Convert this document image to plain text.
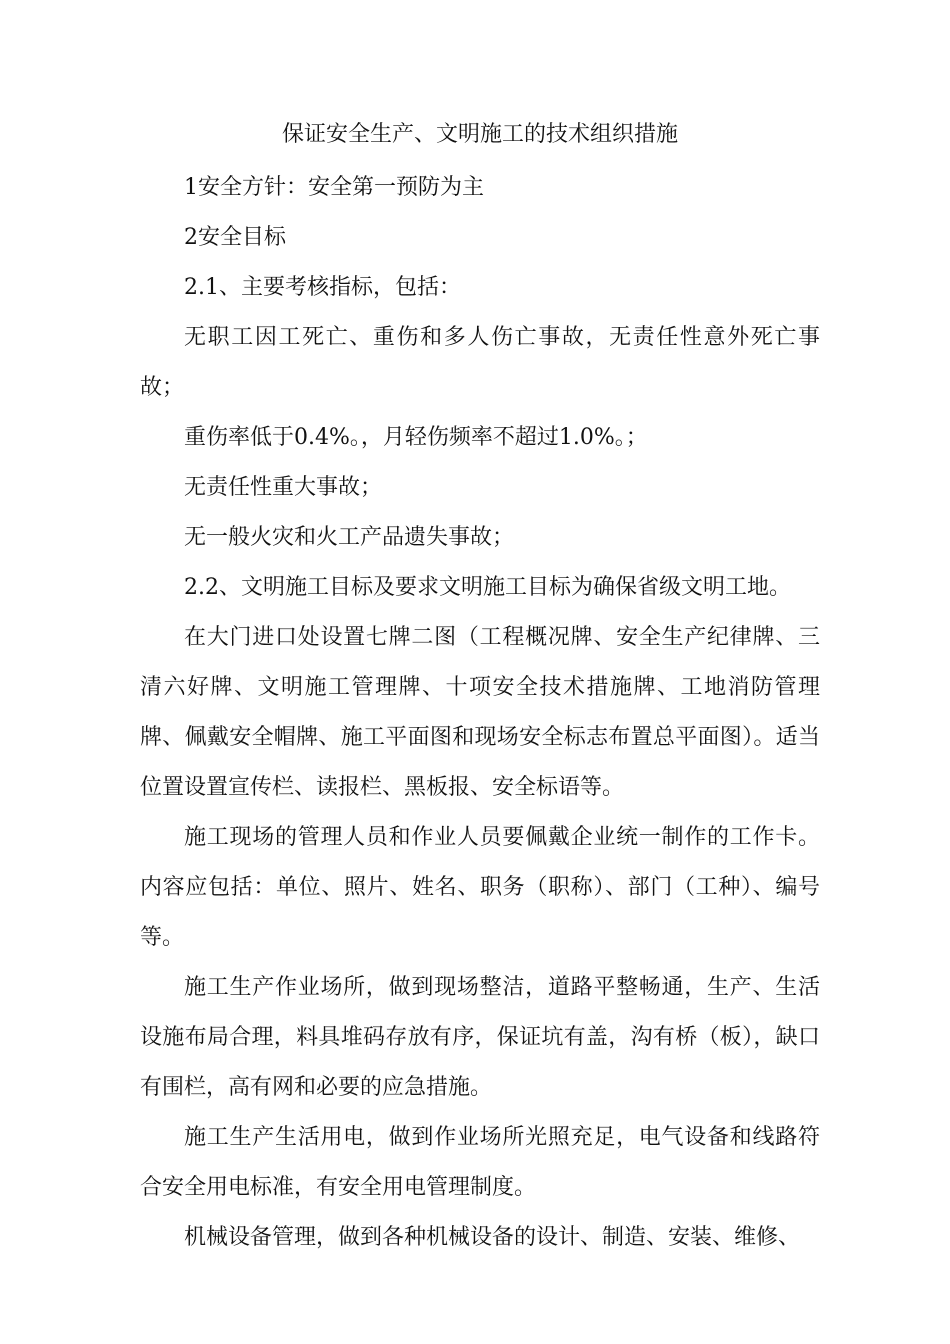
保证安全生产、文明施工的技术组织措施

1安全方针：安全第一预防为主

2安全目标

2.1、主要考核指标，包括：

无职工因工死亡、重伤和多人伤亡事故，无责任性意外死亡事故；

重伤率低于0.4%。，月轻伤频率不超过1.0%。；

无责任性重大事故；

无一般火灾和火工产品遗失事故；

2.2、文明施工目标及要求文明施工目标为确保省级文明工地。

在大门进口处设置七牌二图（工程概况牌、安全生产纪律牌、三清六好牌、文明施工管理牌、十项安全技术措施牌、工地消防管理牌、佩戴安全帽牌、施工平面图和现场安全标志布置总平面图）。适当位置设置宣传栏、读报栏、黑板报、安全标语等。

施工现场的管理人员和作业人员要佩戴企业统一制作的工作卡。内容应包括：单位、照片、姓名、职务（职称）、部门（工种）、编号等。

施工生产作业场所，做到现场整洁，道路平整畅通，生产、生活设施布局合理，料具堆码存放有序，保证坑有盖，沟有桥（板），缺口有围栏，高有网和必要的应急措施。

施工生产生活用电，做到作业场所光照充足，电气设备和线路符合安全用电标准，有安全用电管理制度。

机械设备管理，做到各种机械设备的设计、制造、安装、维修、
